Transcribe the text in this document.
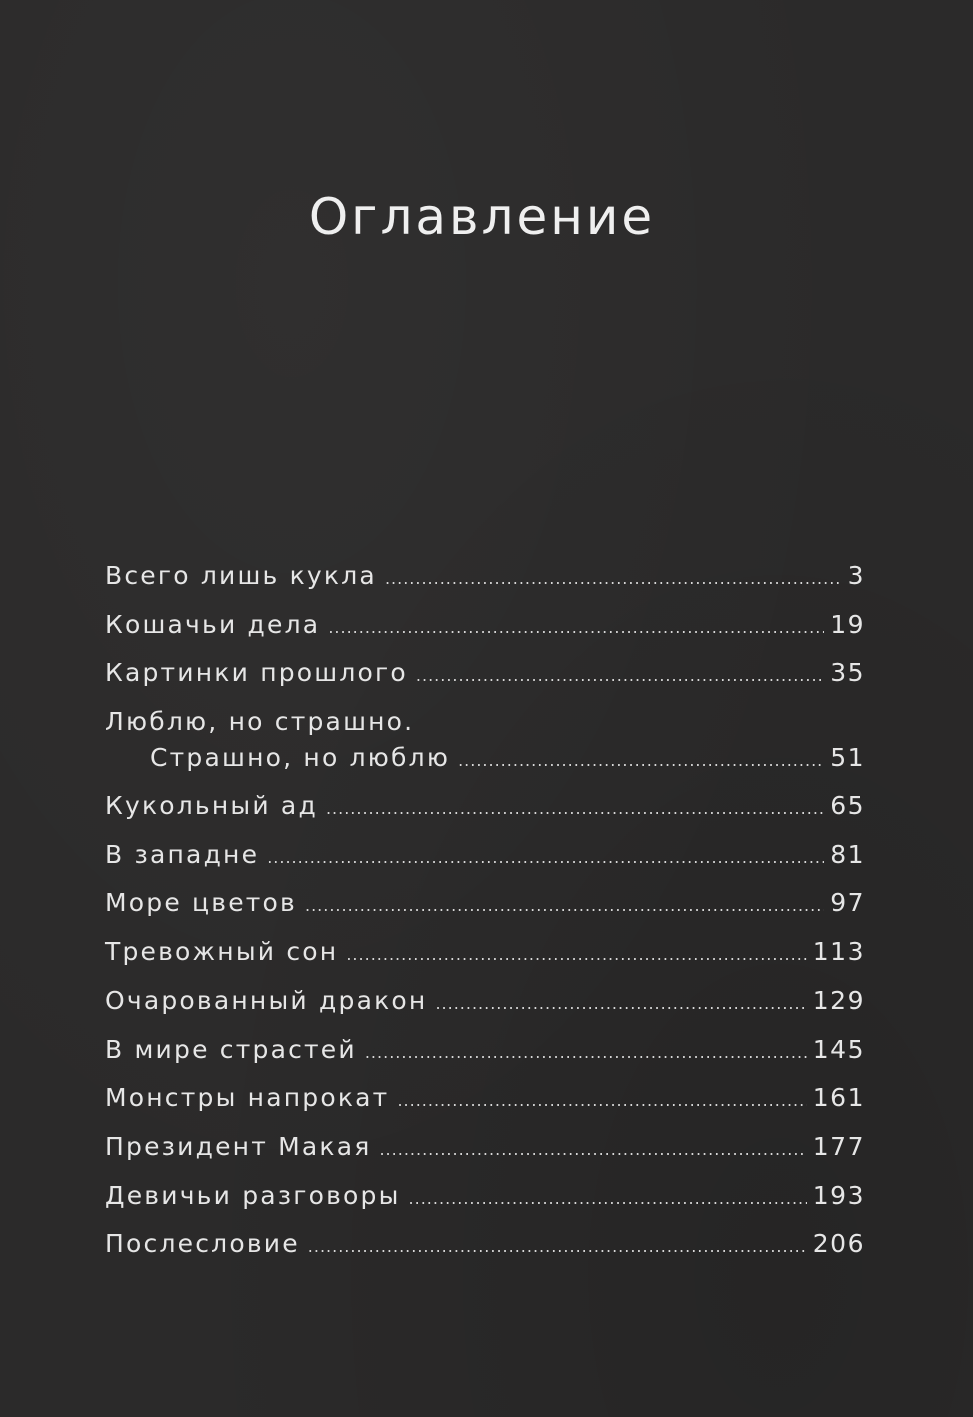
Оглавление
Всего лишь кукла .....	3
Кошачьи дела .....	19
Картинки прошлого .....	35
Люблю, но страшно.
Страшно, но люблю .....	51
Кукольный ад .....	65
В западне .....	81
Море цветов .....	97
Тревожный сон .....	113
Очарованный дракон .....	129
В мире страстей .....	145
Монстры напрокат .....	161
Президент Макая .....	177
Девичьи разговоры .....	193
Послесловие .....	206
